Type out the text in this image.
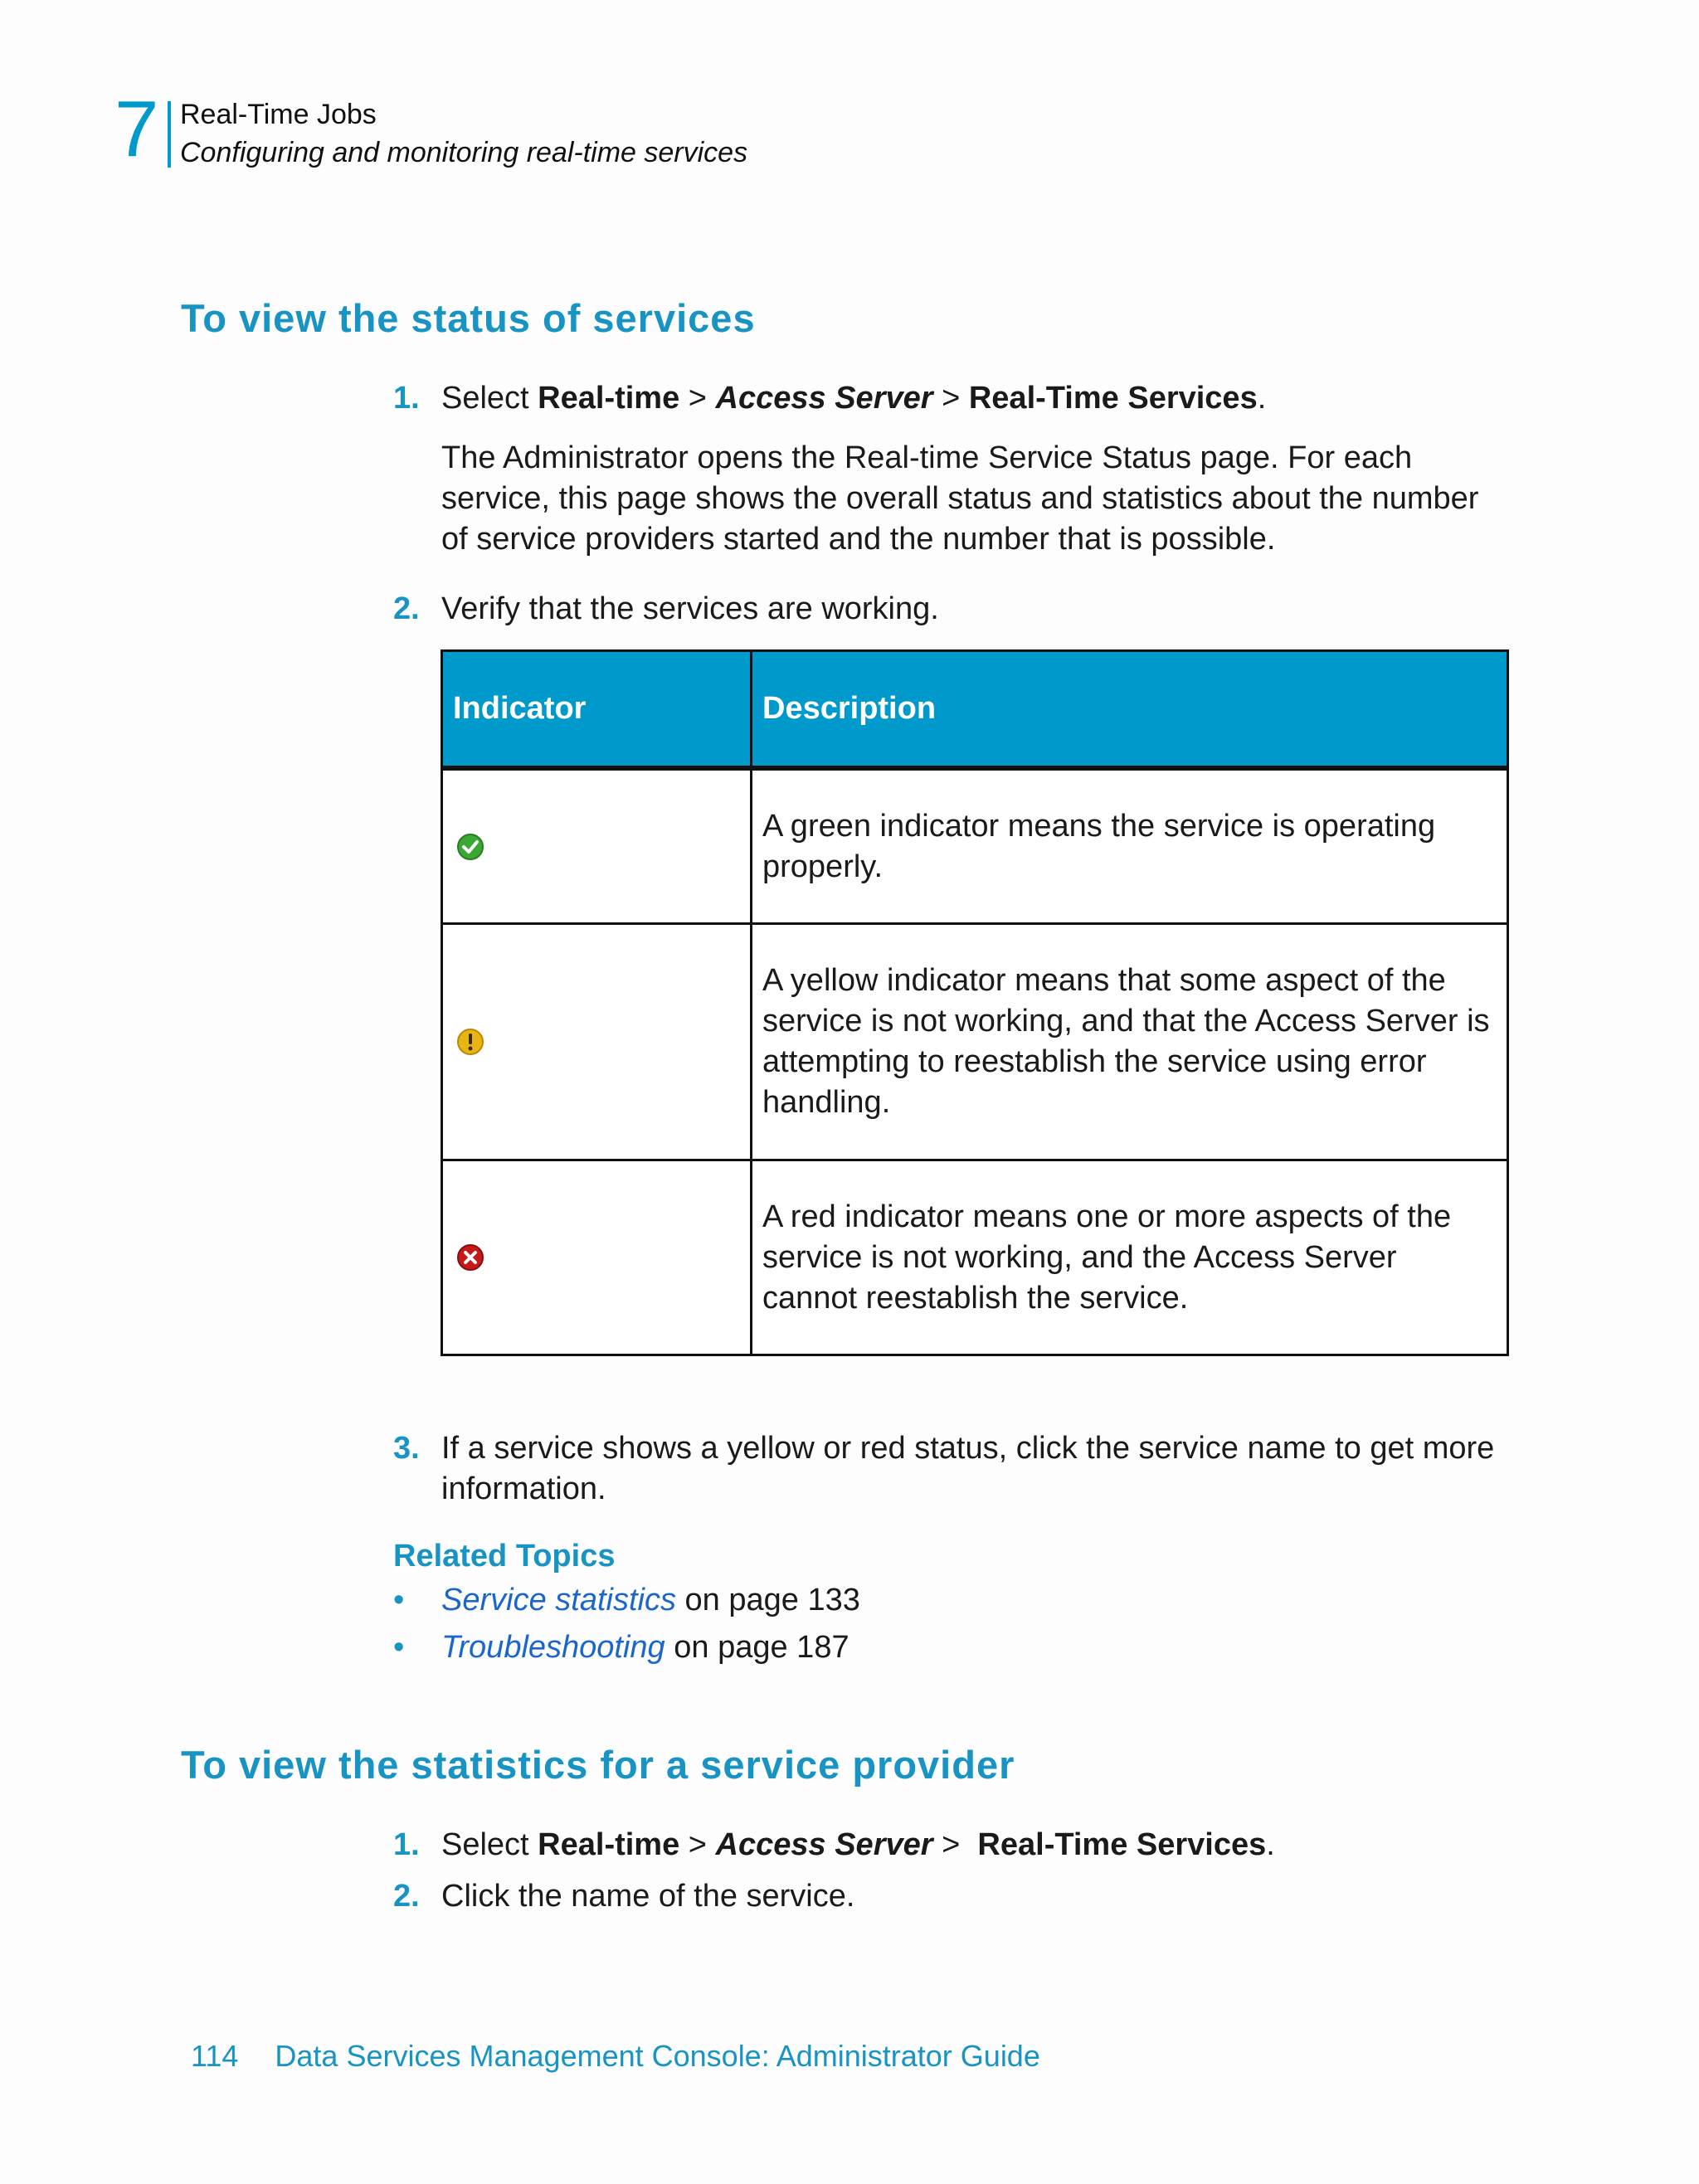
7 Real-Time Jobs
Configuring and monitoring real-time services
To view the status of services
1. Select Real-time > Access Server > Real-Time Services.
The Administrator opens the Real-time Service Status page. For each service, this page shows the overall status and statistics about the number of service providers started and the number that is possible.
2. Verify that the services are working.
Indicator	Description
A green indicator means the service is operating properly.
A yellow indicator means that some aspect of the service is not working, and that the Access Server is attempting to reestablish the service using error handling.
A red indicator means one or more aspects of the service is not working, and the Access Server cannot reestablish the service.
3. If a service shows a yellow or red status, click the service name to get more information.
Related Topics
• Service statistics on page 133
• Troubleshooting on page 187
To view the statistics for a service provider
1. Select Real-time > Access Server >  Real-Time Services.
2. Click the name of the service.
114 Data Services Management Console: Administrator Guide
